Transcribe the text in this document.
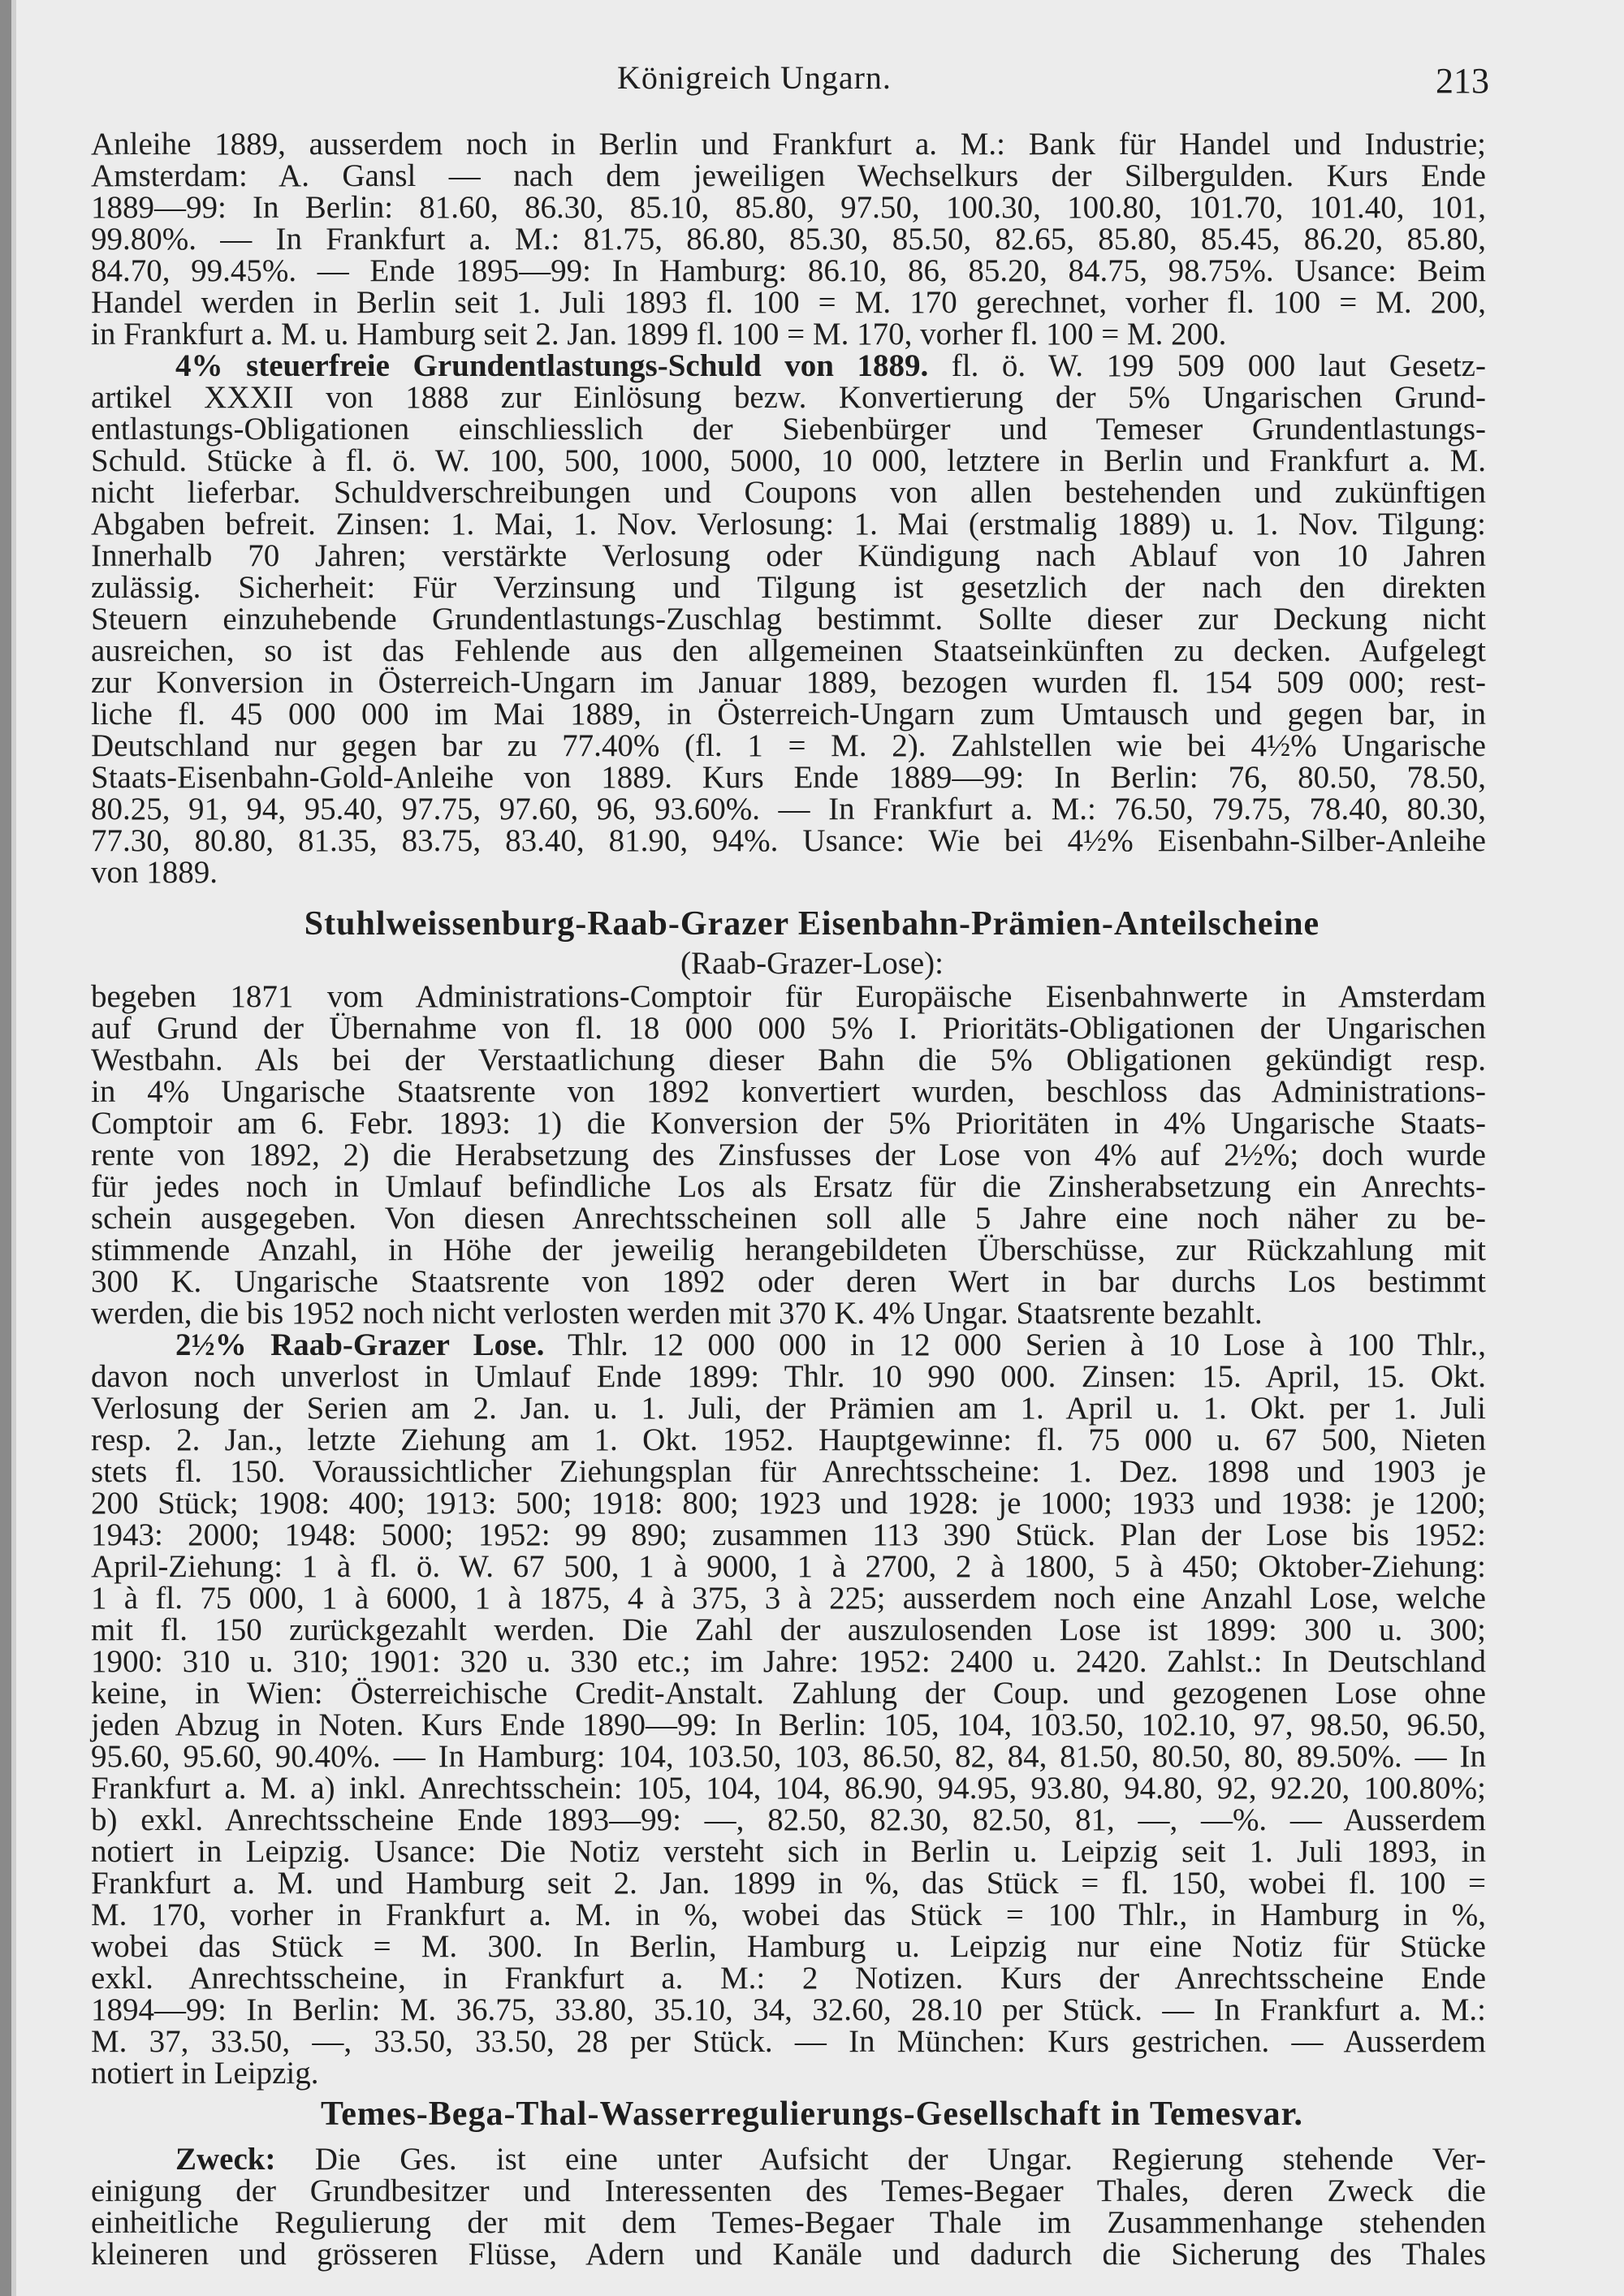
Königreich Ungarn.	213
Anleihe 1889, ausserdem noch in Berlin und Frankfurt a. M.: Bank für Handel und Industrie;
Amsterdam: A. Gansl — nach dem jeweiligen Wechselkurs der Silbergulden. Kurs Ende
1889—99: In Berlin: 81.60, 86.30, 85.10, 85.80, 97.50, 100.30, 100.80, 101.70, 101.40, 101,
99.80%. — In Frankfurt a. M.: 81.75, 86.80, 85.30, 85.50, 82.65, 85.80, 85.45, 86.20, 85.80,
84.70, 99.45%. — Ende 1895—99: In Hamburg: 86.10, 86, 85.20, 84.75, 98.75%. Usance: Beim
Handel werden in Berlin seit 1. Juli 1893 fl. 100 = M. 170 gerechnet, vorher fl. 100 = M. 200,
in Frankfurt a. M. u. Hamburg seit 2. Jan. 1899 fl. 100 = M. 170, vorher fl. 100 = M. 200.
4% steuerfreie Grundentlastungs-Schuld von 1889. fl. ö. W. 199 509 000 laut Gesetz-
artikel XXXII von 1888 zur Einlösung bezw. Konvertierung der 5% Ungarischen Grund-
entlastungs-Obligationen einschliesslich der Siebenbürger und Temeser Grundentlastungs-
Schuld. Stücke à fl. ö. W. 100, 500, 1000, 5000, 10 000, letztere in Berlin und Frankfurt a. M.
nicht lieferbar. Schuldverschreibungen und Coupons von allen bestehenden und zukünftigen
Abgaben befreit. Zinsen: 1. Mai, 1. Nov. Verlosung: 1. Mai (erstmalig 1889) u. 1. Nov. Tilgung:
Innerhalb 70 Jahren; verstärkte Verlosung oder Kündigung nach Ablauf von 10 Jahren
zulässig. Sicherheit: Für Verzinsung und Tilgung ist gesetzlich der nach den direkten
Steuern einzuhebende Grundentlastungs-Zuschlag bestimmt. Sollte dieser zur Deckung nicht
ausreichen, so ist das Fehlende aus den allgemeinen Staatseinkünften zu decken. Aufgelegt
zur Konversion in Österreich-Ungarn im Januar 1889, bezogen wurden fl. 154 509 000; rest-
liche fl. 45 000 000 im Mai 1889, in Österreich-Ungarn zum Umtausch und gegen bar, in
Deutschland nur gegen bar zu 77.40% (fl. 1 = M. 2). Zahlstellen wie bei 4½% Ungarische
Staats-Eisenbahn-Gold-Anleihe von 1889. Kurs Ende 1889—99: In Berlin: 76, 80.50, 78.50,
80.25, 91, 94, 95.40, 97.75, 97.60, 96, 93.60%. — In Frankfurt a. M.: 76.50, 79.75, 78.40, 80.30,
77.30, 80.80, 81.35, 83.75, 83.40, 81.90, 94%. Usance: Wie bei 4½% Eisenbahn-Silber-Anleihe
von 1889.
Stuhlweissenburg-Raab-Grazer Eisenbahn-Prämien-Anteilscheine
(Raab-Grazer-Lose):
begeben 1871 vom Administrations-Comptoir für Europäische Eisenbahnwerte in Amsterdam
auf Grund der Übernahme von fl. 18 000 000 5% I. Prioritäts-Obligationen der Ungarischen
Westbahn. Als bei der Verstaatlichung dieser Bahn die 5% Obligationen gekündigt resp.
in 4% Ungarische Staatsrente von 1892 konvertiert wurden, beschloss das Administrations-
Comptoir am 6. Febr. 1893: 1) die Konversion der 5% Prioritäten in 4% Ungarische Staats-
rente von 1892, 2) die Herabsetzung des Zinsfusses der Lose von 4% auf 2½%; doch wurde
für jedes noch in Umlauf befindliche Los als Ersatz für die Zinsherabsetzung ein Anrechts-
schein ausgegeben. Von diesen Anrechtsscheinen soll alle 5 Jahre eine noch näher zu be-
stimmende Anzahl, in Höhe der jeweilig herangebildeten Überschüsse, zur Rückzahlung mit
300 K. Ungarische Staatsrente von 1892 oder deren Wert in bar durchs Los bestimmt
werden, die bis 1952 noch nicht verlosten werden mit 370 K. 4% Ungar. Staatsrente bezahlt.
2½% Raab-Grazer Lose. Thlr. 12 000 000 in 12 000 Serien à 10 Lose à 100 Thlr.,
davon noch unverlost in Umlauf Ende 1899: Thlr. 10 990 000. Zinsen: 15. April, 15. Okt.
Verlosung der Serien am 2. Jan. u. 1. Juli, der Prämien am 1. April u. 1. Okt. per 1. Juli
resp. 2. Jan., letzte Ziehung am 1. Okt. 1952. Hauptgewinne: fl. 75 000 u. 67 500, Nieten
stets fl. 150. Voraussichtlicher Ziehungsplan für Anrechtsscheine: 1. Dez. 1898 und 1903 je
200 Stück; 1908: 400; 1913: 500; 1918: 800; 1923 und 1928: je 1000; 1933 und 1938: je 1200;
1943: 2000; 1948: 5000; 1952: 99 890; zusammen 113 390 Stück. Plan der Lose bis 1952:
April-Ziehung: 1 à fl. ö. W. 67 500, 1 à 9000, 1 à 2700, 2 à 1800, 5 à 450; Oktober-Ziehung:
1 à fl. 75 000, 1 à 6000, 1 à 1875, 4 à 375, 3 à 225; ausserdem noch eine Anzahl Lose, welche
mit fl. 150 zurückgezahlt werden. Die Zahl der auszulosenden Lose ist 1899: 300 u. 300;
1900: 310 u. 310; 1901: 320 u. 330 etc.; im Jahre: 1952: 2400 u. 2420. Zahlst.: In Deutschland
keine, in Wien: Österreichische Credit-Anstalt. Zahlung der Coup. und gezogenen Lose ohne
jeden Abzug in Noten. Kurs Ende 1890—99: In Berlin: 105, 104, 103.50, 102.10, 97, 98.50, 96.50,
95.60, 95.60, 90.40%. — In Hamburg: 104, 103.50, 103, 86.50, 82, 84, 81.50, 80.50, 80, 89.50%. — In
Frankfurt a. M. a) inkl. Anrechtsschein: 105, 104, 104, 86.90, 94.95, 93.80, 94.80, 92, 92.20, 100.80%;
b) exkl. Anrechtsscheine Ende 1893—99: —, 82.50, 82.30, 82.50, 81, —, —%. — Ausserdem
notiert in Leipzig. Usance: Die Notiz versteht sich in Berlin u. Leipzig seit 1. Juli 1893, in
Frankfurt a. M. und Hamburg seit 2. Jan. 1899 in %, das Stück = fl. 150, wobei fl. 100 =
M. 170, vorher in Frankfurt a. M. in %, wobei das Stück = 100 Thlr., in Hamburg in %,
wobei das Stück = M. 300. In Berlin, Hamburg u. Leipzig nur eine Notiz für Stücke
exkl. Anrechtsscheine, in Frankfurt a. M.: 2 Notizen. Kurs der Anrechtsscheine Ende
1894—99: In Berlin: M. 36.75, 33.80, 35.10, 34, 32.60, 28.10 per Stück. — In Frankfurt a. M.:
M. 37, 33.50, —, 33.50, 33.50, 28 per Stück. — In München: Kurs gestrichen. — Ausserdem
notiert in Leipzig.
Temes-Bega-Thal-Wasserregulierungs-Gesellschaft in Temesvar.
Zweck: Die Ges. ist eine unter Aufsicht der Ungar. Regierung stehende Ver-
einigung der Grundbesitzer und Interessenten des Temes-Begaer Thales, deren Zweck die
einheitliche Regulierung der mit dem Temes-Begaer Thale im Zusammenhange stehenden
kleineren und grösseren Flüsse, Adern und Kanäle und dadurch die Sicherung des Thales
